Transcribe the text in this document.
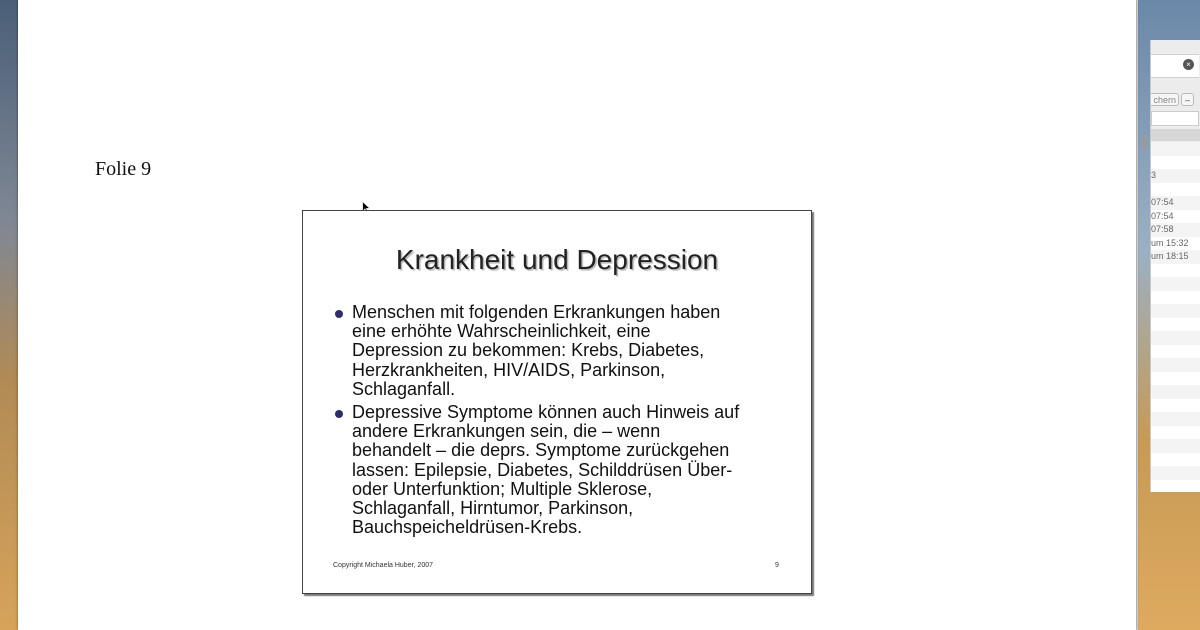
Folie 9
Krankheit und Depression
Menschen mit folgenden Erkrankungen haben
eine erhöhte Wahrscheinlichkeit, eine
Depression zu bekommen: Krebs, Diabetes,
Herzkrankheiten, HIV/AIDS, Parkinson,
Schlaganfall.
Depressive Symptome können auch Hinweis auf
andere Erkrankungen sein, die – wenn
behandelt – die deprs. Symptome zurückgehen
lassen: Epilepsie, Diabetes, Schilddrüsen Über-
oder Unterfunktion; Multiple Sklerose,
Schlaganfall, Hirntumor, Parkinson,
Bauchspeicheldrüsen-Krebs.
Copyright Michaela Huber, 2007	9
×
chern –
3
07:54
07:54
07:58
um 15:32
um 18:15
